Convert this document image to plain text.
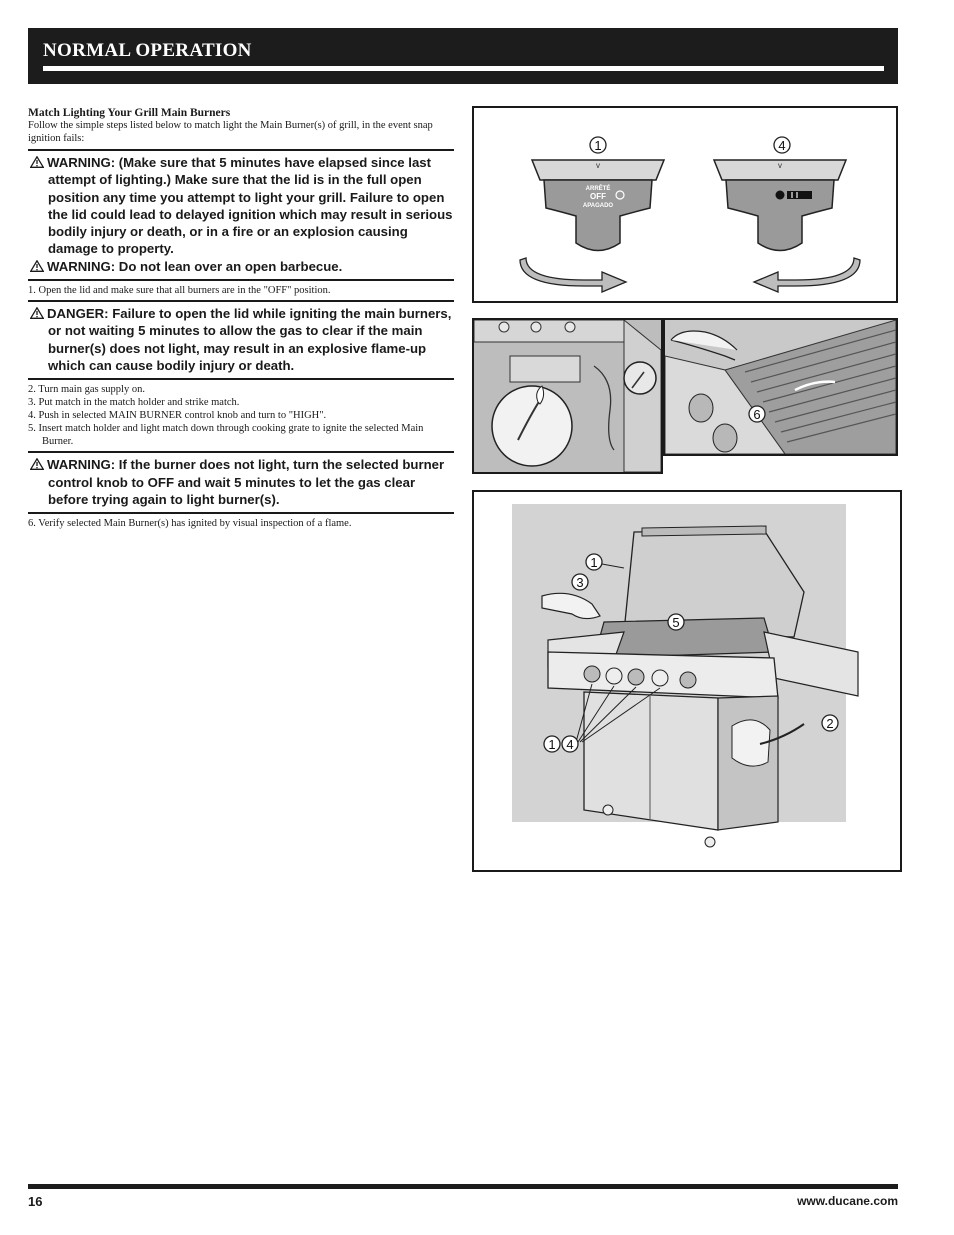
NORMAL OPERATION

Match Lighting Your Grill Main Burners

Follow the simple steps listed below to match light the Main Burner(s) of grill, in the event snap ignition fails:

WARNING: (Make sure that 5 minutes have elapsed since last attempt of lighting.) Make sure that the lid is in the full open position any time you attempt to light your grill. Failure to open the lid could lead to delayed ignition which may result in serious bodily injury or death, or in a fire or an explosion causing damage to property.

WARNING: Do not lean over an open barbecue.

1. Open the lid and make sure that all burners are in the "OFF" position.

DANGER: Failure to open the lid while igniting the main burners, or not waiting 5 minutes to allow the gas to clear if the main burner(s) does not light, may result in an explosive flame-up which can cause bodily injury or death.

2. Turn main gas supply on.

3. Put match in the match holder and strike match.

4. Push in selected MAIN BURNER control knob and turn to "HIGH".

5. Insert match holder and light match down through cooking grate to ignite the selected Main Burner.

WARNING: If the burner does not light, turn the selected burner control knob to OFF and wait 5 minutes to let the gas clear before trying again to light burner(s).

6. Verify selected Main Burner(s) has ignited by visual inspection of a flame.

v	v
ARRÊTÉ
OFF
APAGADO
1	4
6
1
3
5
2
1 4
16	www.ducane.com
